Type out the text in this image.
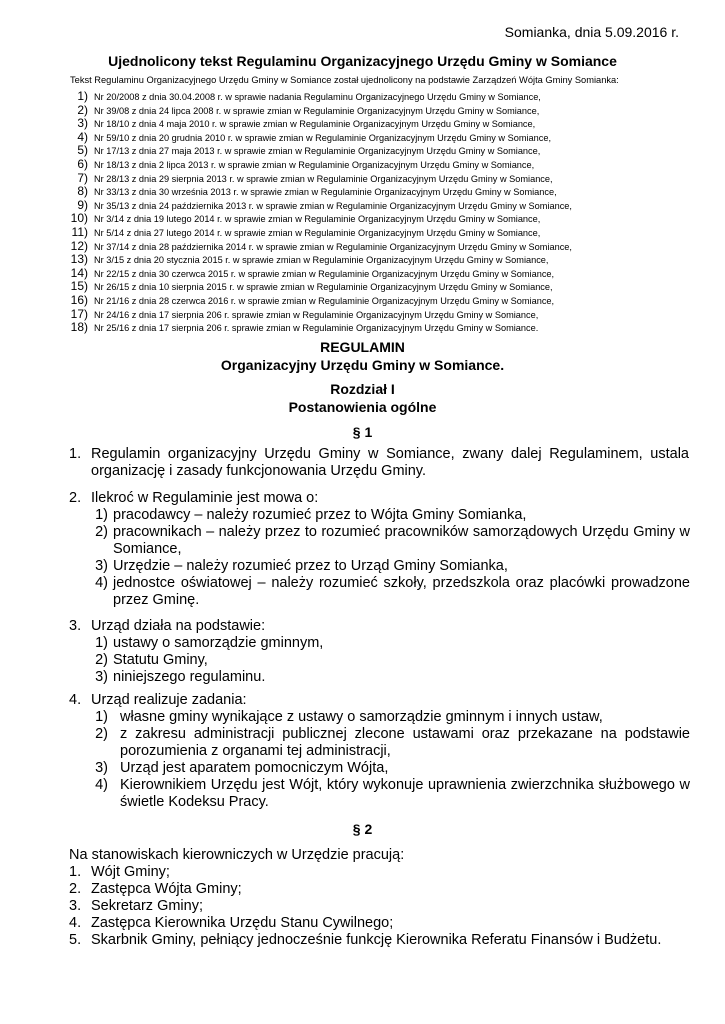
Somianka, dnia 5.09.2016 r.
Ujednolicony tekst Regulaminu Organizacyjnego Urzędu Gminy w Somiance
Tekst Regulaminu Organizacyjnego Urzędu Gminy w Somiance został ujednolicony na podstawie Zarządzeń Wójta Gminy Somianka:
1) Nr 20/2008 z dnia 30.04.2008 r. w sprawie nadania Regulaminu Organizacyjnego Urzędu Gminy w Somiance,
2) Nr 39/08 z dnia 24 lipca 2008 r. w sprawie zmian w Regulaminie Organizacyjnym Urzędu Gminy w Somiance,
3) Nr 18/10 z dnia 4 maja 2010 r. w sprawie zmian w Regulaminie Organizacyjnym Urzędu Gminy w Somiance,
4) Nr 59/10 z dnia 20 grudnia 2010 r. w sprawie zmian w Regulaminie Organizacyjnym Urzędu Gminy w Somiance,
5) Nr 17/13 z dnia 27 maja 2013 r. w sprawie zmian w Regulaminie Organizacyjnym Urzędu Gminy w Somiance,
6) Nr 18/13 z dnia 2 lipca 2013 r. w sprawie zmian w Regulaminie Organizacyjnym Urzędu Gminy w Somiance,
7) Nr 28/13 z dnia 29 sierpnia 2013 r. w sprawie zmian w Regulaminie Organizacyjnym Urzędu Gminy w Somiance,
8) Nr 33/13 z dnia 30 września 2013 r. w sprawie zmian w Regulaminie Organizacyjnym Urzędu Gminy w Somiance,
9) Nr 35/13 z dnia 24 października 2013 r. w sprawie zmian w Regulaminie Organizacyjnym Urzędu Gminy w Somiance,
10) Nr 3/14 z dnia 19 lutego 2014 r. w sprawie zmian w Regulaminie Organizacyjnym Urzędu Gminy w Somiance,
11) Nr 5/14 z dnia 27 lutego 2014 r. w sprawie zmian w Regulaminie Organizacyjnym Urzędu Gminy w Somiance,
12) Nr 37/14 z dnia 28 października 2014 r. w sprawie zmian w Regulaminie Organizacyjnym Urzędu Gminy w Somiance,
13) Nr 3/15 z dnia 20 stycznia 2015 r. w sprawie zmian w Regulaminie Organizacyjnym Urzędu Gminy w Somiance,
14) Nr 22/15 z dnia 30 czerwca 2015 r. w sprawie zmian w Regulaminie Organizacyjnym Urzędu Gminy w Somiance,
15) Nr 26/15 z dnia 10 sierpnia 2015 r. w sprawie zmian w Regulaminie Organizacyjnym Urzędu Gminy w Somiance,
16) Nr 21/16 z dnia 28 czerwca 2016 r. w sprawie zmian w Regulaminie Organizacyjnym Urzędu Gminy w Somiance,
17) Nr 24/16 z dnia 17 sierpnia 206 r. sprawie zmian w Regulaminie Organizacyjnym Urzędu Gminy w Somiance,
18) Nr 25/16 z dnia 17 sierpnia 206 r. sprawie zmian w Regulaminie Organizacyjnym Urzędu Gminy w Somiance.
REGULAMIN
Organizacyjny Urzędu Gminy w Somiance.
Rozdział I
Postanowienia ogólne
§ 1
1. Regulamin organizacyjny Urzędu Gminy w Somiance, zwany dalej Regulaminem, ustala organizację i zasady funkcjonowania Urzędu Gminy.
2. Ilekroć w Regulaminie jest mowa o:
1) pracodawcy – należy rozumieć przez to Wójta Gminy Somianka,
2) pracownikach – należy przez to rozumieć pracowników samorządowych Urzędu Gminy w Somiance,
3) Urzędzie – należy rozumieć przez to Urząd Gminy Somianka,
4) jednostce oświatowej – należy rozumieć szkoły, przedszkola oraz placówki prowadzone przez Gminę.
3. Urząd działa na podstawie:
1) ustawy o samorządzie gminnym,
2) Statutu Gminy,
3) niniejszego regulaminu.
4. Urząd realizuje zadania:
1) własne gminy wynikające z ustawy o samorządzie gminnym i innych ustaw,
2) z zakresu administracji publicznej zlecone ustawami oraz przekazane na podstawie porozumienia z organami tej administracji,
3) Urząd jest aparatem pomocniczym Wójta,
4) Kierownikiem Urzędu jest Wójt, który wykonuje uprawnienia zwierzchnika służbowego w świetle Kodeksu Pracy.
§ 2
Na stanowiskach kierowniczych w Urzędzie pracują:
1. Wójt Gminy;
2. Zastępca Wójta Gminy;
3. Sekretarz Gminy;
4. Zastępca Kierownika Urzędu Stanu Cywilnego;
5. Skarbnik Gminy, pełniący jednocześnie funkcję Kierownika Referatu Finansów i Budżetu.
